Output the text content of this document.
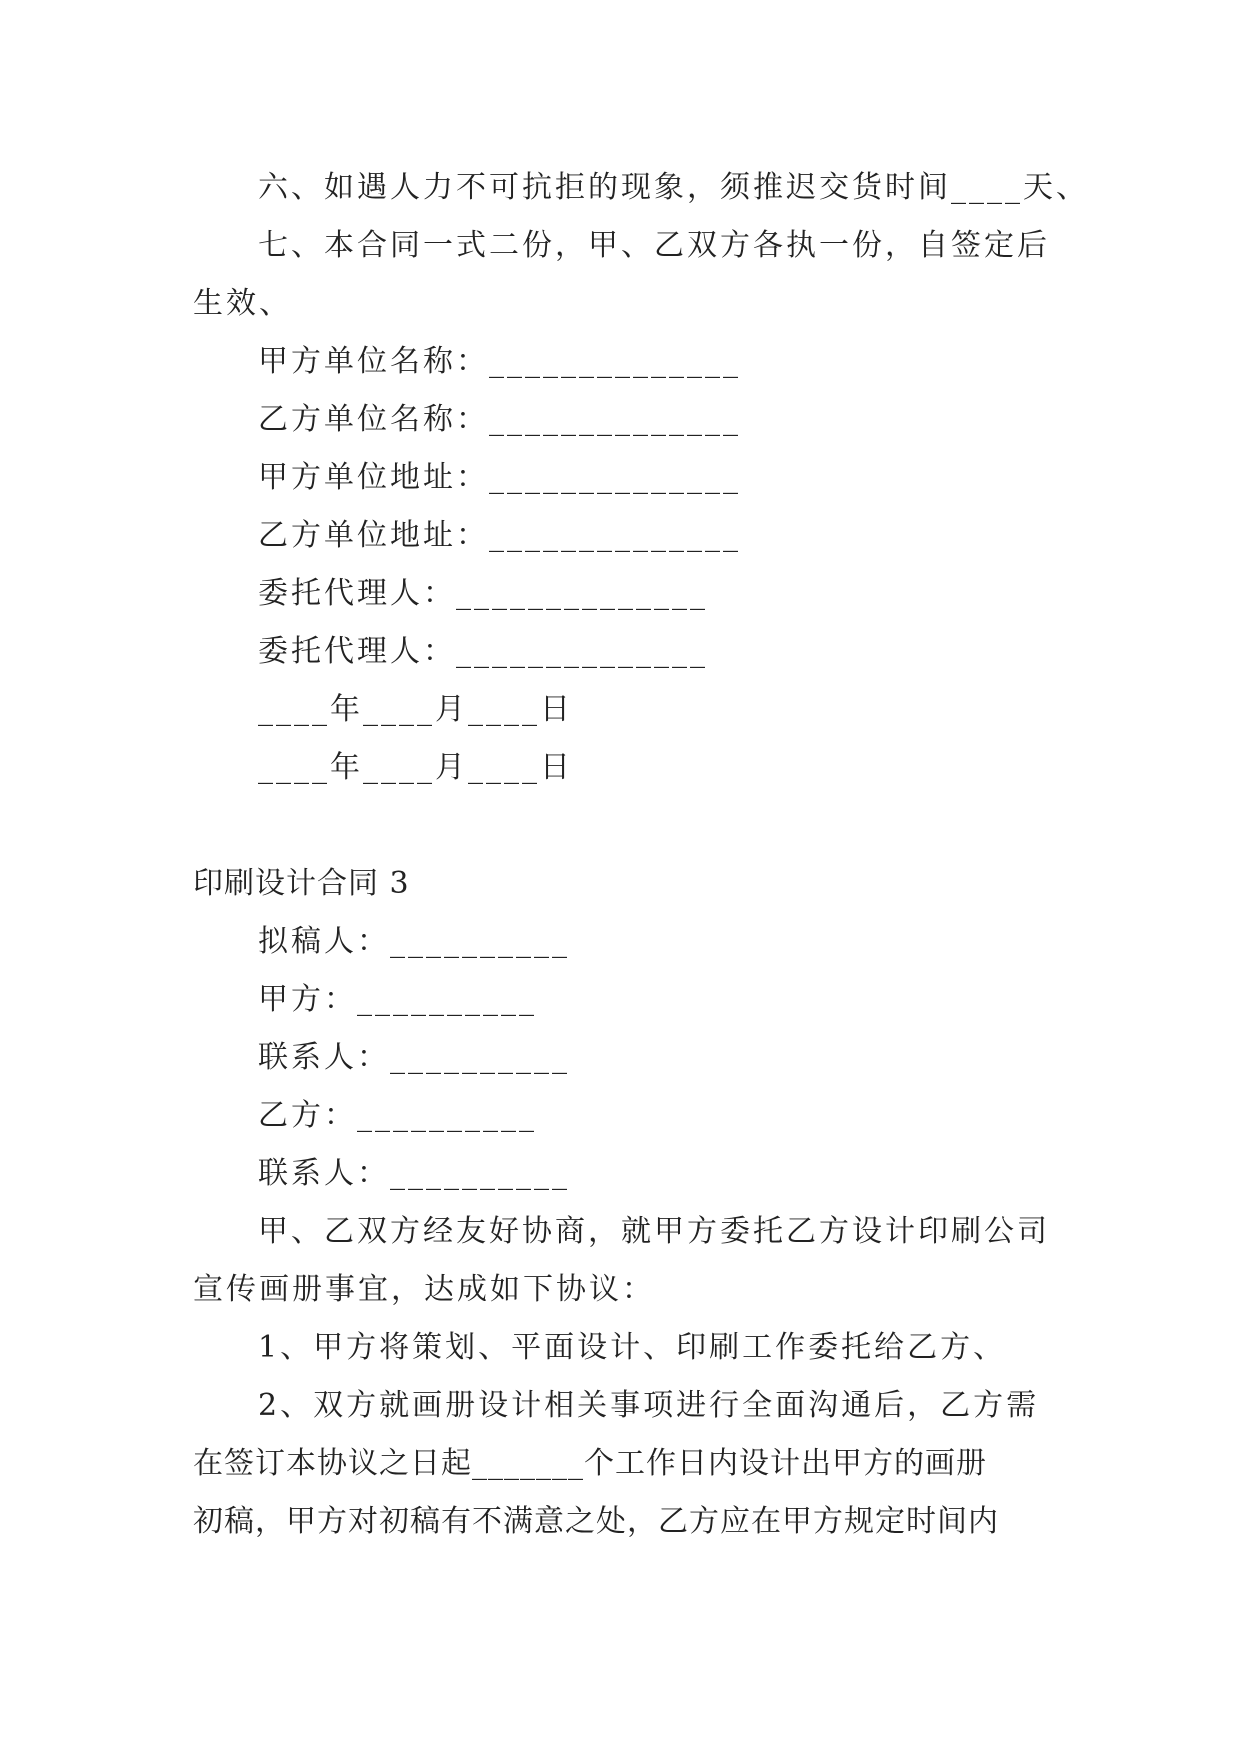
六、如遇人力不可抗拒的现象，须推迟交货时间____天、
七、本合同一式二份，甲、乙双方各执一份，自签定后
生效、
甲方单位名称：______________
乙方单位名称：______________
甲方单位地址：______________
乙方单位地址：______________
委托代理人：______________
委托代理人：______________
____年____月____日
____年____月____日
印刷设计合同 3
拟稿人：__________
甲方：__________
联系人：__________
乙方：__________
联系人：__________
甲、乙双方经友好协商，就甲方委托乙方设计印刷公司
宣传画册事宜，达成如下协议：
1、甲方将策划、平面设计、印刷工作委托给乙方、
2、双方就画册设计相关事项进行全面沟通后，乙方需
在签订本协议之日起_______个工作日内设计出甲方的画册
初稿，甲方对初稿有不满意之处，乙方应在甲方规定时间内
